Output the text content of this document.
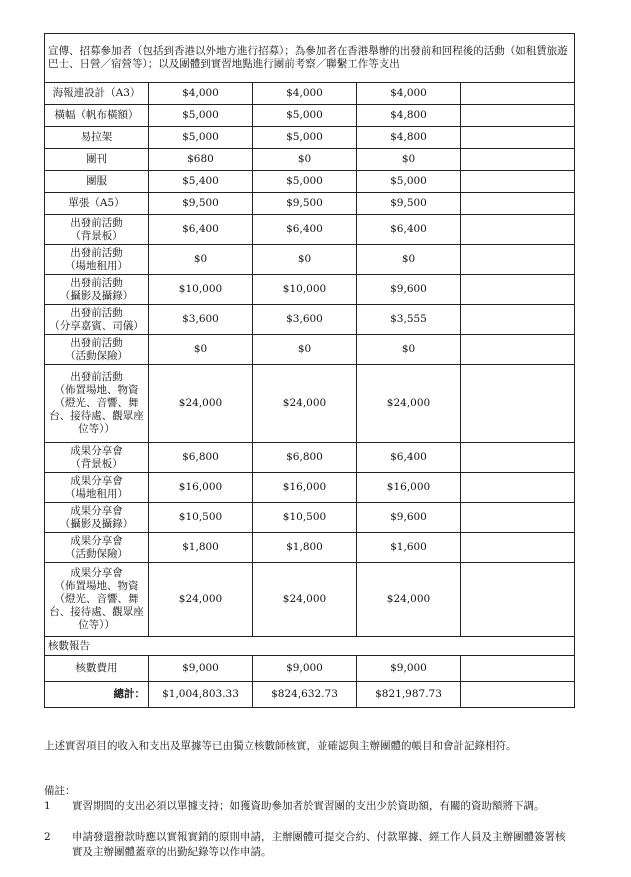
宣傳、招募參加者（包括到香港以外地方進行招募）；為參加者在香港舉辦的出發前和回程後的活動（如租賃旅遊巴士、日營／宿營等）；以及團體到實習地點進行團前考察／聯繫工作等支出				
海報連設計（A3）	$4,000	$4,000	$4,000	
橫幅（帆布橫額）	$5,000	$5,000	$4,800	
易拉架	$5,000	$5,000	$4,800	
團刊	$680	$0	$0	
團服	$5,400	$5,000	$5,000	
單張（A5）	$9,500	$9,500	$9,500	
出發前活動
（背景板）	$6,400	$6,400	$6,400	
出發前活動
（場地租用）	$0	$0	$0	
出發前活動
（攝影及攝錄）	$10,000	$10,000	$9,600	
出發前活動
（分享嘉賓、司儀）	$3,600	$3,600	$3,555	
出發前活動
（活動保險）	$0	$0	$0	
出發前活動
（佈置場地、物資
（燈光、音響、舞
台、接待處、觀眾座
位等））	$24,000	$24,000	$24,000	
成果分享會
（背景板）	$6,800	$6,800	$6,400	
成果分享會
（場地租用）	$16,000	$16,000	$16,000	
成果分享會
（攝影及攝錄）	$10,500	$10,500	$9,600	
成果分享會
（活動保險）	$1,800	$1,800	$1,600	
成果分享會
（佈置場地、物資
（燈光、音響、舞
台、接待處、觀眾座
位等））	$24,000	$24,000	$24,000	
核數報告				
核數費用	$9,000	$9,000	$9,000	
總計：	$1,004,803.33	$824,632.73	$821,987.73	
上述實習項目的收入和支出及單據等已由獨立核數師核實，並確認與主辦團體的帳目和會計記錄相符。
備註：
1	實習期間的支出必須以單據支持；如獲資助參加者於實習團的支出少於資助額，有關的資助額將下調。
2	申請發還撥款時應以實報實銷的原則申請，主辦團體可提交合約、付款單據、經工作人員及主辦團體簽署核實及主辦團體蓋章的出勤紀錄等以作申請。
